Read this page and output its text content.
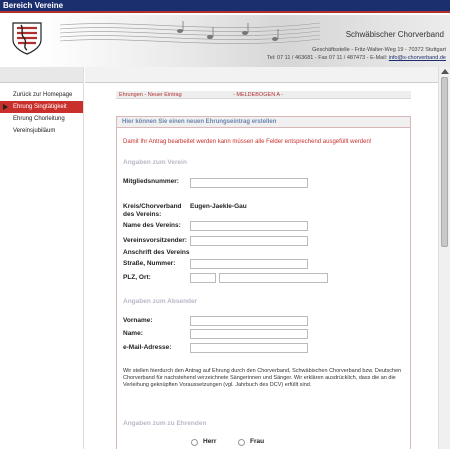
Bereich Vereine
Schwäbischer Chorverband
Geschäftsstelle - Fritz-Walter-Weg 19 - 70372 Stuttgart
Tel: 07 11 / 463681 - Fax 07 11 / 487473 - E-Mail: info@s-chorverband.de
Zurück zur Homepage
Ehrung Singtätigkeit
Ehrung Chorleitung
Vereinsjubiläum
Ehrungen - Neuer Eintrag	- MELDEBOGEN A -
Hier können Sie einen neuen Ehrungseintrag erstellen
Damit Ihr Antrag bearbeitet werden kann müssen alle Felder entsprechend ausgefüllt werden!
Angaben zum Verein
Mitgliedsnummer:
Kreis/Chorverband
des Vereins:
Eugen-Jaekle-Gau
Name des Vereins:
Vereinsvorsitzender:
Anschrift des Vereins
Straße, Nummer:
PLZ, Ort:
Angaben zum Absender
Vorname:
Name:
e-Mail-Adresse:
Wir stellen hierdurch den Antrag auf Ehrung durch den Chorverband, Schwäbischen Chorverband bzw. Deutschen Chorverband für nachstehend verzeichnete Sängerinnen und Sänger. Wir erklären ausdrücklich, dass die an die Verleihung geknüpften Voraussetzungen (vgl. Jahrbuch des DCV) erfüllt sind.
Angaben zum zu Ehrenden
Herr	Frau
